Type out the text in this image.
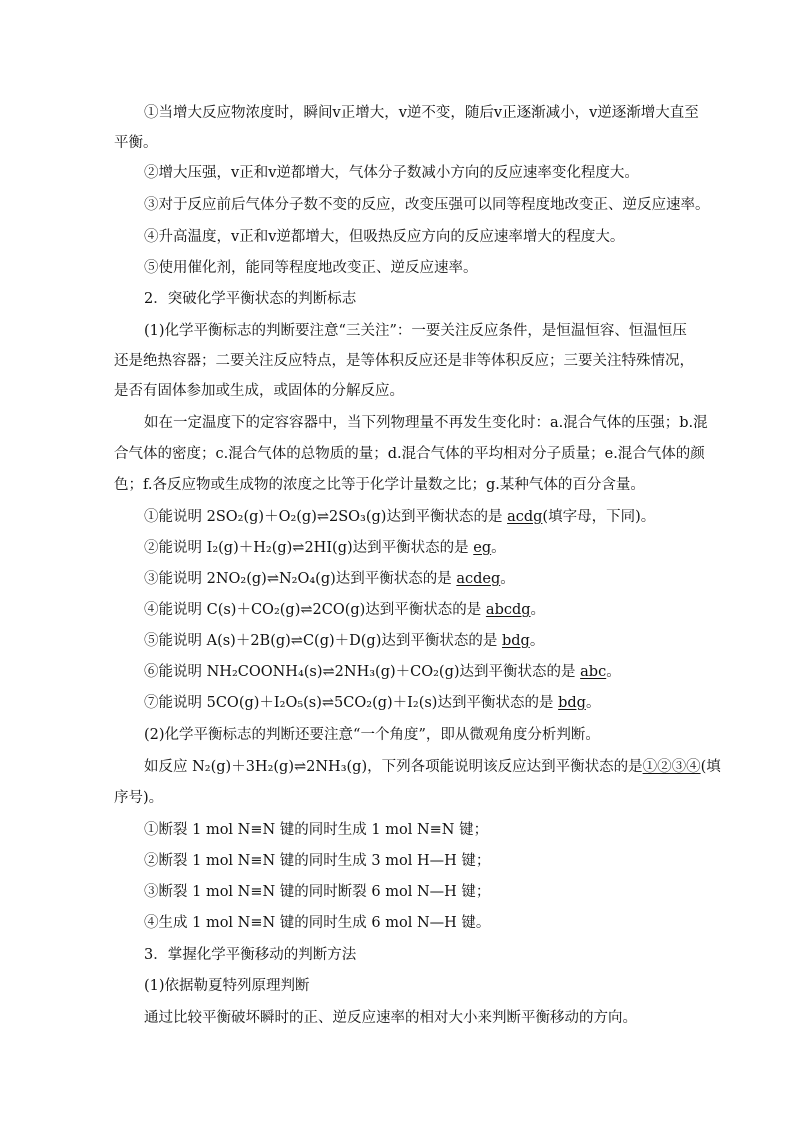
①当增大反应物浓度时，瞬间v正增大，v逆不变，随后v正逐渐减小，v逆逐渐增大直至
平衡。
②增大压强，v正和v逆都增大，气体分子数减小方向的反应速率变化程度大。
③对于反应前后气体分子数不变的反应，改变压强可以同等程度地改变正、逆反应速率。
④升高温度，v正和v逆都增大，但吸热反应方向的反应速率增大的程度大。
⑤使用催化剂，能同等程度地改变正、逆反应速率。
2．突破化学平衡状态的判断标志
(1)化学平衡标志的判断要注意“三关注”：一要关注反应条件，是恒温恒容、恒温恒压
还是绝热容器；二要关注反应特点，是等体积反应还是非等体积反应；三要关注特殊情况，
是否有固体参加或生成，或固体的分解反应。
如在一定温度下的定容容器中，当下列物理量不再发生变化时：a.混合气体的压强；b.混
合气体的密度；c.混合气体的总物质的量；d.混合气体的平均相对分子质量；e.混合气体的颜
色；f.各反应物或生成物的浓度之比等于化学计量数之比；g.某种气体的百分含量。
①能说明 2SO₂(g)＋O₂(g)⇌2SO₃(g)达到平衡状态的是 acdg(填字母，下同)。
②能说明 I₂(g)＋H₂(g)⇌2HI(g)达到平衡状态的是 eg。
③能说明 2NO₂(g)⇌N₂O₄(g)达到平衡状态的是 acdeg。
④能说明 C(s)＋CO₂(g)⇌2CO(g)达到平衡状态的是 abcdg。
⑤能说明 A(s)＋2B(g)⇌C(g)＋D(g)达到平衡状态的是 bdg。
⑥能说明 NH₂COONH₄(s)⇌2NH₃(g)＋CO₂(g)达到平衡状态的是 abc。
⑦能说明 5CO(g)＋I₂O₅(s)⇌5CO₂(g)＋I₂(s)达到平衡状态的是 bdg。
(2)化学平衡标志的判断还要注意“一个角度”，即从微观角度分析判断。
如反应 N₂(g)＋3H₂(g)⇌2NH₃(g)，下列各项能说明该反应达到平衡状态的是①②③④(填
序号)。
①断裂 1 mol N≡N 键的同时生成 1 mol N≡N 键；
②断裂 1 mol N≡N 键的同时生成 3 mol H—H 键；
③断裂 1 mol N≡N 键的同时断裂 6 mol N—H 键；
④生成 1 mol N≡N 键的同时生成 6 mol N—H 键。
3．掌握化学平衡移动的判断方法
(1)依据勒夏特列原理判断
通过比较平衡破坏瞬时的正、逆反应速率的相对大小来判断平衡移动的方向。
